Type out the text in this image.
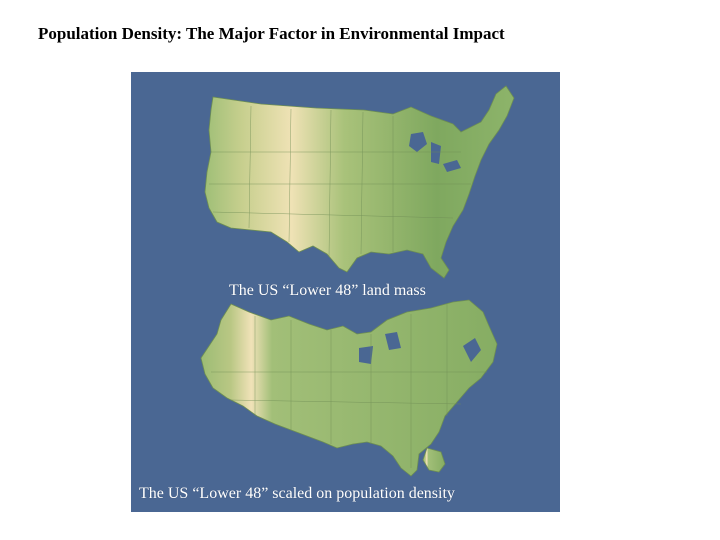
Population Density: The Major Factor in Environmental Impact
The US “Lower 48” land mass
The US “Lower 48” scaled on population density
